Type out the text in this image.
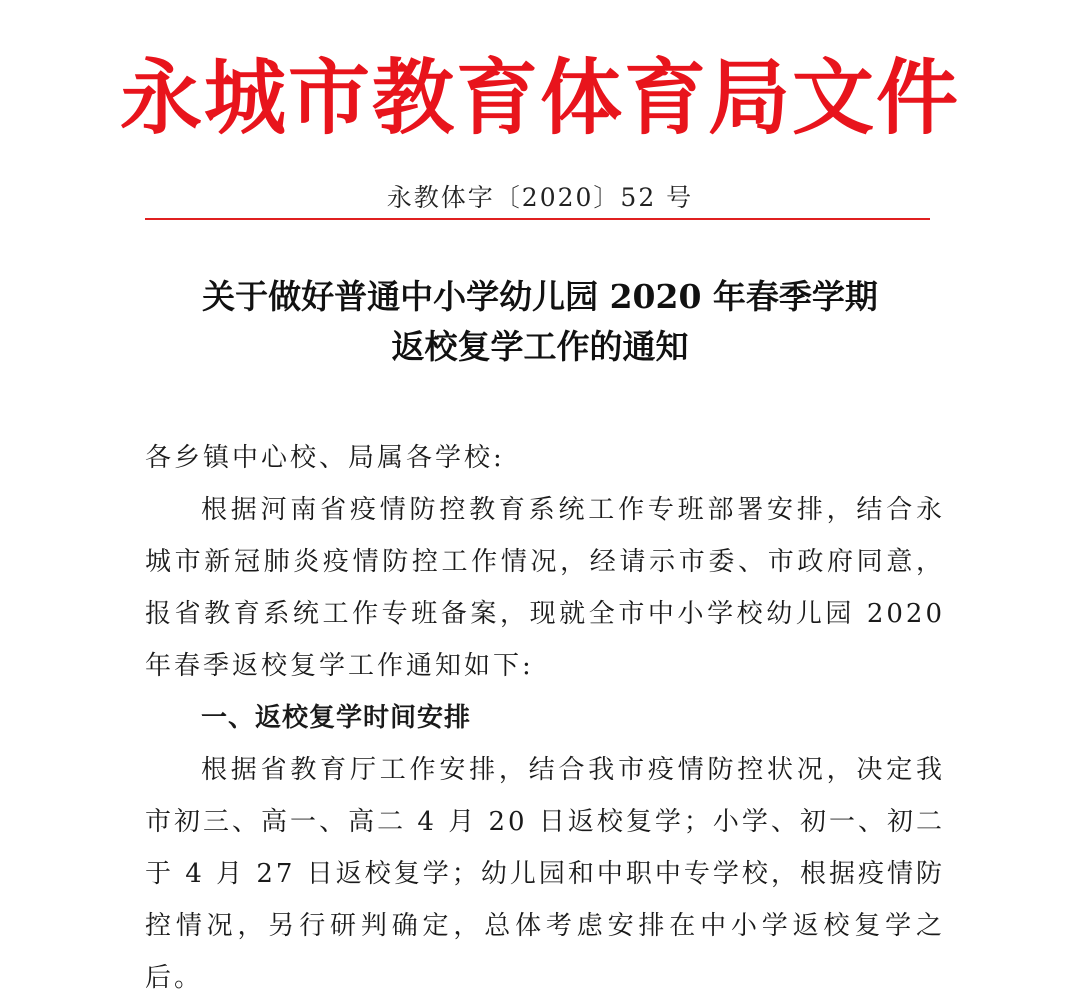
永城市教育体育局文件
永教体字〔2020〕52 号
关于做好普通中小学幼儿园 2020 年春季学期
返校复学工作的通知

各乡镇中心校、局属各学校:

根据河南省疫情防控教育系统工作专班部署安排，结合永城市新冠肺炎疫情防控工作情况，经请示市委、市政府同意，报省教育系统工作专班备案，现就全市中小学校幼儿园 2020 年春季返校复学工作通知如下:

一、返校复学时间安排

根据省教育厅工作安排，结合我市疫情防控状况，决定我市初三、高一、高二 4 月 20 日返校复学；小学、初一、初二于 4 月 27 日返校复学；幼儿园和中职中专学校，根据疫情防控情况，另行研判确定，总体考虑安排在中小学返校复学之后。
